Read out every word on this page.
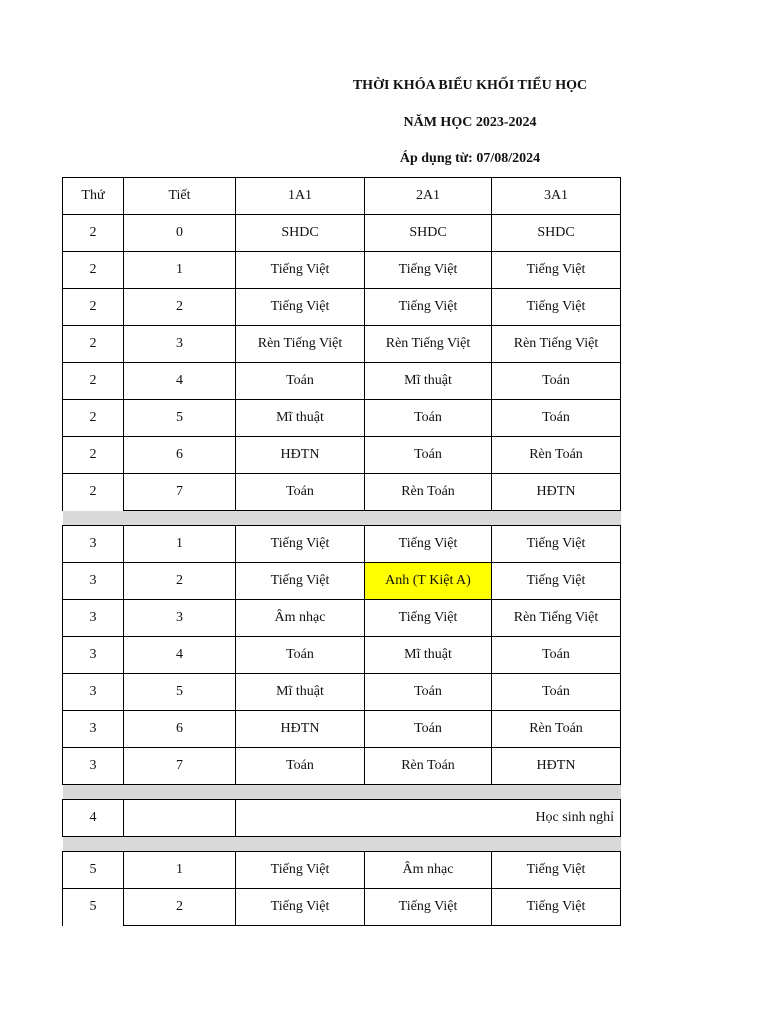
THỜI KHÓA BIỂU KHỐI TIỂU HỌC
NĂM HỌC 2023-2024
Áp dụng từ: 07/08/2024
Thứ	Tiết	1A1	2A1	3A1
2	0	SHDC	SHDC	SHDC
2	1	Tiếng Việt	Tiếng Việt	Tiếng Việt
2	2	Tiếng Việt	Tiếng Việt	Tiếng Việt
2	3	Rèn Tiếng Việt	Rèn Tiếng Việt	Rèn Tiếng Việt
2	4	Toán	Mĩ thuật	Toán
2	5	Mĩ thuật	Toán	Toán
2	6	HĐTN	Toán	Rèn Toán
2	7	Toán	Rèn Toán	HĐTN

3	1	Tiếng Việt	Tiếng Việt	Tiếng Việt
3	2	Tiếng Việt	Anh (T Kiệt A)	Tiếng Việt
3	3	Âm nhạc	Tiếng Việt	Rèn Tiếng Việt
3	4	Toán	Mĩ thuật	Toán
3	5	Mĩ thuật	Toán	Toán
3	6	HĐTN	Toán	Rèn Toán
3	7	Toán	Rèn Toán	HĐTN

4		Học sinh nghỉ		

5	1	Tiếng Việt	Âm nhạc	Tiếng Việt
5	2	Tiếng Việt	Tiếng Việt	Tiếng Việt
